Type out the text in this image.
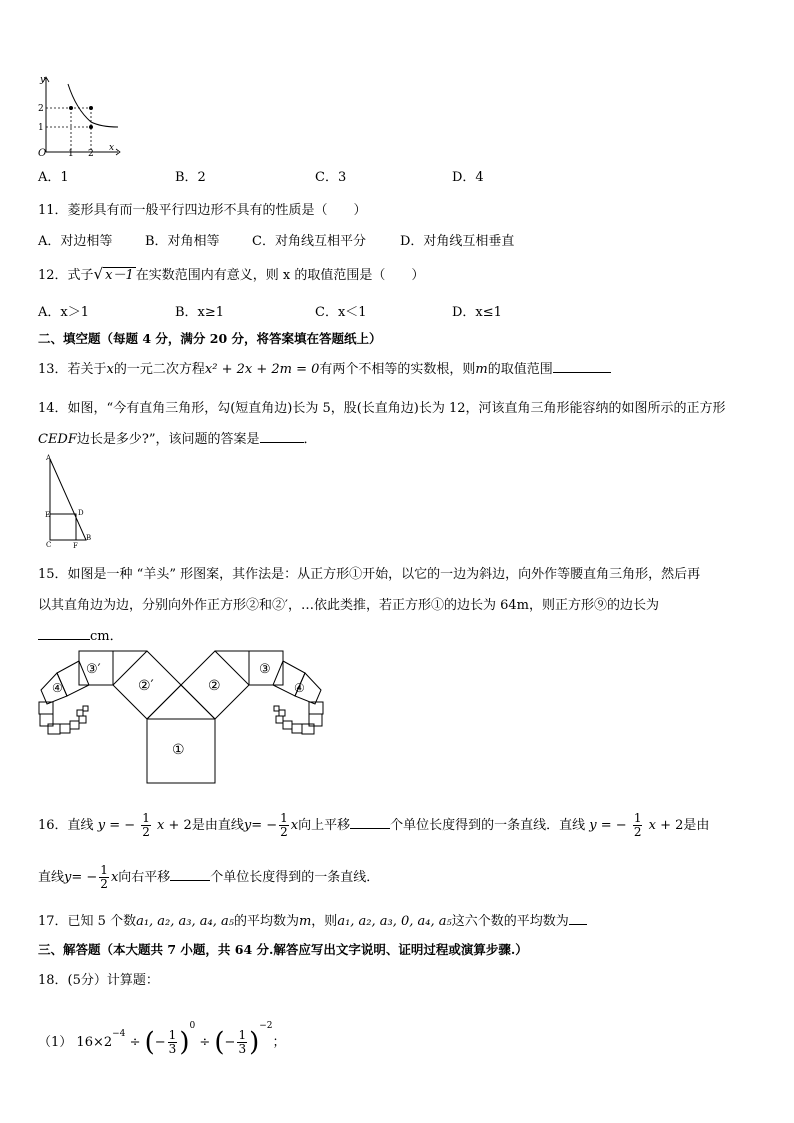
y
x
O 1 2
2
1
A．1	B．2	C．3	D．4
11．菱形具有而一般平行四边形不具有的性质是（　　）
A．对边相等	B．对角相等 C．对角线互相平分	D．对角线互相垂直
12．式子√ x－1 在实数范围内有意义，则 x 的取值范围是（　　）
A．x＞1	B．x≥1	C．x＜1	D．x≤1
二、填空题（每题 4 分，满分 20 分，将答案填在答题纸上）
13．若关于x的一元二次方程x² + 2x + 2m = 0有两个不相等的实数根，则m的取值范围
14．如图，“今有直角三角形，勾(短直角边)长为 5，股(长直角边)长为 12，河该直角三角形能容纳的如图所示的正方形
CEDF边长是多少?”，该问题的答案是	．
A
E	D
B
C	F
15．如图是一种 “羊头” 形图案，其作法是：从正方形①开始，以它的一边为斜边，向外作等腰直角三角形，然后再
以其直角边为边，分别向外作正方形②和②′，…依此类推，若正方形①的边长为 64m，则正方形⑨的边长为
cm．
①
②
②′
③
③′
④	④
16．直线 y = − $\frac{1}{2}$ x + 2是由直线$y= - \frac{1}{2}$ x向上平移	个单位长度得到的一条直线．直线 y = − $\frac{1}{2}$ x + 2是由
直线$y= - \frac{1}{2}$ x向右平移	个单位长度得到的一条直线．
17．已知 5 个数a₁, a₂, a₃, a₄, a₅的平均数为m，则a₁, a₂, a₃, 0, a₄, a₅这六个数的平均数为
三、解答题（本大题共 7 小题，共 64 分.解答应写出文字说明、证明过程或演算步骤.）
18．(5分）计算题：
（1） $16\times 2^{-4}$ ÷ (− $\frac{1}{3} )^0$ ÷ (− $\frac{1}{3} )^{-2}$；
